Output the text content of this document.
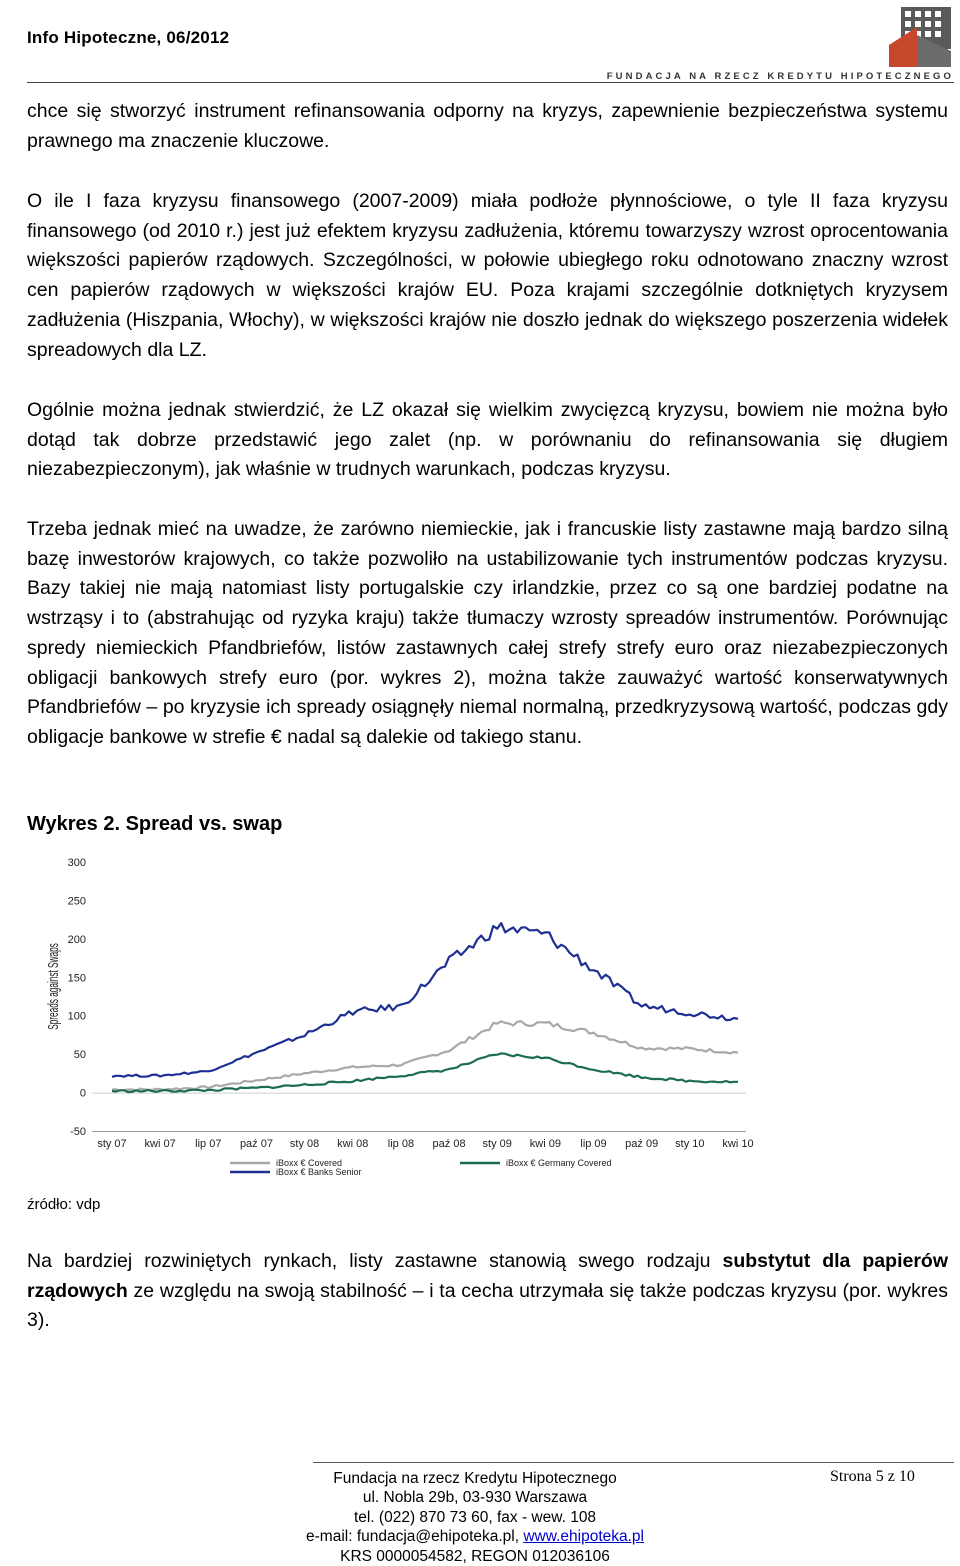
Info Hipoteczne, 06/2012
FUNDACJA NA RZECZ KREDYTU HIPOTECZNEGO

chce się stworzyć instrument refinansowania odporny na kryzys, zapewnienie bezpieczeństwa systemu prawnego ma znaczenie kluczowe.

O ile I faza kryzysu finansowego (2007-2009) miała podłoże płynnościowe, o tyle II faza kryzysu finansowego (od 2010 r.) jest już efektem kryzysu zadłużenia, któremu towarzyszy wzrost oprocentowania większości papierów rządowych. Szczególności, w połowie ubiegłego roku odnotowano znaczny wzrost cen papierów rządowych w większości krajów EU. Poza krajami szczególnie dotkniętych kryzysem zadłużenia (Hiszpania, Włochy), w większości krajów nie doszło jednak do większego poszerzenia widełek spreadowych dla LZ.

Ogólnie można jednak stwierdzić, że LZ okazał się wielkim zwycięzcą kryzysu, bowiem nie można było dotąd tak dobrze przedstawić jego zalet (np. w porównaniu do refinansowania się długiem niezabezpieczonym), jak właśnie w trudnych warunkach, podczas kryzysu.

Trzeba jednak mieć na uwadze, że zarówno niemieckie, jak i francuskie listy zastawne mają bardzo silną bazę inwestorów krajowych, co także pozwoliło na ustabilizowanie tych instrumentów podczas kryzysu. Bazy takiej nie mają natomiast listy portugalskie czy irlandzkie, przez co są one bardziej podatne na wstrząsy i to (abstrahując od ryzyka kraju) także tłumaczy wzrosty spreadów instrumentów. Porównując spredy niemieckich Pfandbriefów, listów zastawnych całej strefy strefy euro oraz niezabezpieczonych obligacji bankowych strefy euro (por. wykres 2), można także zauważyć wartość konserwatywnych Pfandbriefów – po kryzysie ich spready osiągnęły niemal normalną, przedkryzysową wartość, podczas gdy obligacje bankowe w strefie € nadal są dalekie od takiego stanu.

Wykres 2. Spread vs. swap
300
250
200
150
100
50
0
-50
Spreads against Swaps
sty 07 kwi 07 lip 07 paź 07 sty 08 kwi 08 lip 08 paź 08 sty 09 kwi 09 lip 09 paź 09 sty 10 kwi 10
iBoxx € Covered
iBoxx € Banks Senior
iBoxx € Germany Covered
źródło: vdp

Na bardziej rozwiniętych rynkach, listy zastawne stanowią swego rodzaju substytut dla papierów rządowych ze względu na swoją stabilność – i ta cecha utrzymała się także podczas kryzysu (por. wykres 3).

Fundacja na rzecz Kredytu Hipotecznego
ul. Nobla 29b, 03-930 Warszawa
tel. (022) 870 73 60, fax - wew. 108
e-mail: fundacja@ehipoteka.pl, www.ehipoteka.pl
KRS 0000054582, REGON 012036106
Strona 5 z 10
